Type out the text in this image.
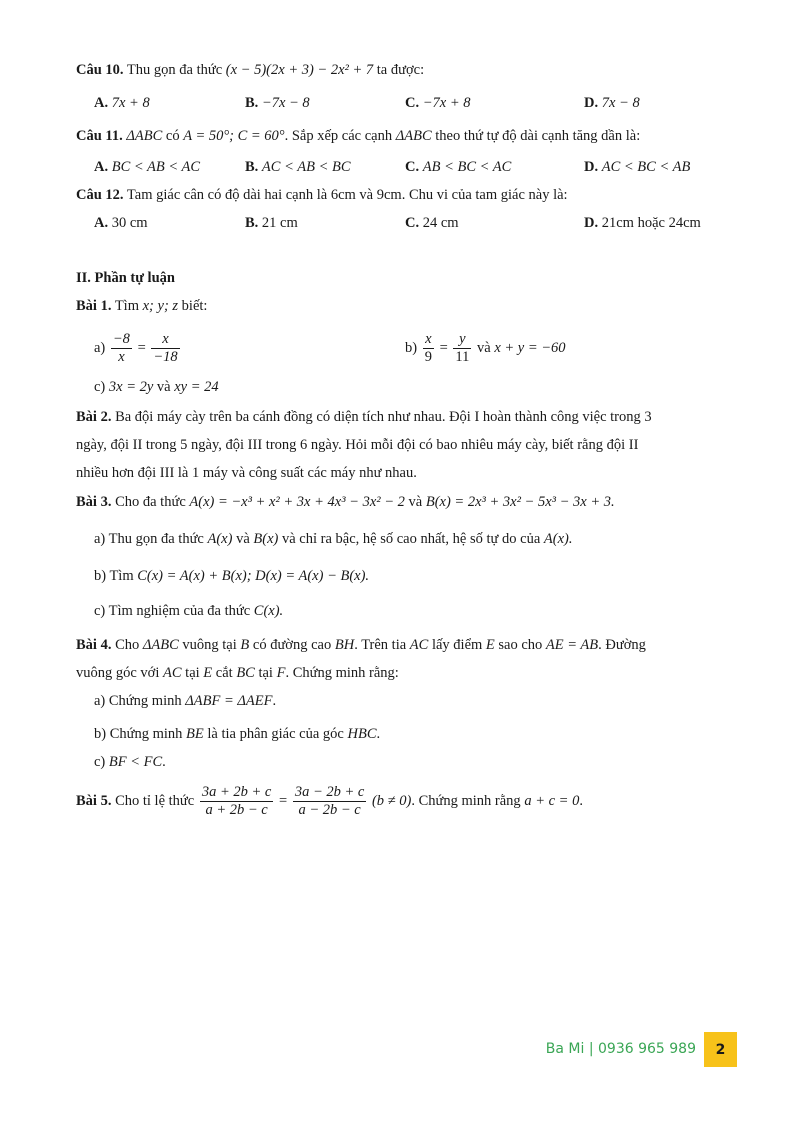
Câu 10. Thu gọn đa thức (x − 5)(2x + 3) − 2x² + 7 ta được:
A. 7x + 8	B. −7x − 8	C. −7x + 8	D. 7x − 8
Câu 11. ΔABC có A = 50°; C = 60°. Sắp xếp các cạnh ΔABC theo thứ tự độ dài cạnh tăng dần là:
A. BC < AB < AC	B. AC < AB < BC	C. AB < BC < AC	D. AC < BC < AB
Câu 12. Tam giác cân có độ dài hai cạnh là 6cm và 9cm. Chu vi của tam giác này là:
A. 30 cm	B. 21 cm	C. 24 cm	D. 21cm hoặc 24cm
II. Phần tự luận
Bài 1. Tìm x; y; z biết:
$a) \frac{-8}{x} = \frac{x}{-18}$	$b) \frac{x}{9} = \frac{y}{11}$ và x + y = −60
c) 3x = 2y và xy = 24
Bài 2. Ba đội máy cày trên ba cánh đồng có diện tích như nhau. Đội I hoàn thành công việc trong 3
ngày, đội II trong 5 ngày, đội III trong 6 ngày. Hỏi mỗi đội có bao nhiêu máy cày, biết rằng đội II
nhiều hơn đội III là 1 máy và công suất các máy như nhau.
Bài 3. Cho đa thức A(x) = −x³ + x² + 3x + 4x³ − 3x² − 2 và B(x) = 2x³ + 3x² − 5x³ − 3x + 3.
a) Thu gọn đa thức A(x) và B(x) và chỉ ra bậc, hệ số cao nhất, hệ số tự do của A(x).
b) Tìm C(x) = A(x) + B(x); D(x) = A(x) − B(x).
c) Tìm nghiệm của đa thức C(x).
Bài 4. Cho ΔABC vuông tại B có đường cao BH. Trên tia AC lấy điểm E sao cho AE = AB. Đường
vuông góc với AC tại E cắt BC tại F. Chứng minh rằng:
a) Chứng minh ΔABF = ΔAEF.
b) Chứng minh BE là tia phân giác của góc HBC.
c) BF < FC.
Bài 5. Cho tỉ lệ thức $\frac{3a + 2b + c}{a + 2b - c} = \frac{3a - 2b + c}{a - 2b - c} (b \ne 0)$. Chứng minh rằng a + c = 0.
Ba Mi | 0936 965 989	2
